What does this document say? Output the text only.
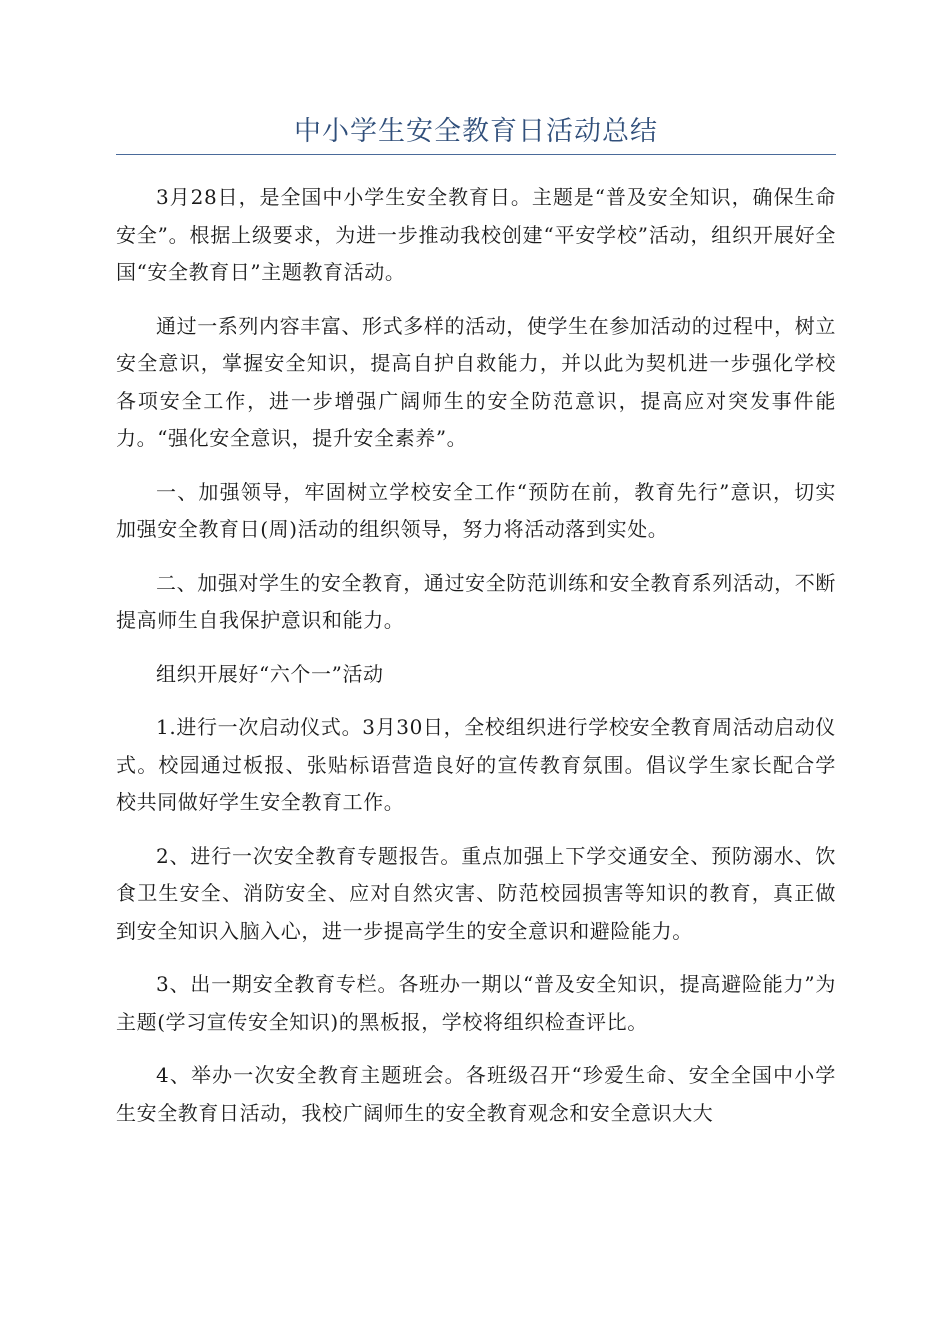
中小学生安全教育日活动总结

3月28日，是全国中小学生安全教育日。主题是“普及安全知识，确保生命安全”。根据上级要求，为进一步推动我校创建“平安学校”活动，组织开展好全国“安全教育日”主题教育活动。

通过一系列内容丰富、形式多样的活动，使学生在参加活动的过程中，树立安全意识，掌握安全知识，提高自护自救能力，并以此为契机进一步强化学校各项安全工作，进一步增强广阔师生的安全防范意识，提高应对突发事件能力。“强化安全意识，提升安全素养”。

一、加强领导，牢固树立学校安全工作“预防在前，教育先行”意识，切实加强安全教育日(周)活动的组织领导，努力将活动落到实处。

二、加强对学生的安全教育，通过安全防范训练和安全教育系列活动，不断提高师生自我保护意识和能力。

组织开展好“六个一”活动

1.进行一次启动仪式。3月30日，全校组织进行学校安全教育周活动启动仪式。校园通过板报、张贴标语营造良好的宣传教育氛围。倡议学生家长配合学校共同做好学生安全教育工作。

2、进行一次安全教育专题报告。重点加强上下学交通安全、预防溺水、饮食卫生安全、消防安全、应对自然灾害、防范校园损害等知识的教育，真正做到安全知识入脑入心，进一步提高学生的安全意识和避险能力。

3、出一期安全教育专栏。各班办一期以“普及安全知识，提高避险能力”为主题(学习宣传安全知识)的黑板报，学校将组织检查评比。

4、举办一次安全教育主题班会。各班级召开“珍爱生命、安全全国中小学生安全教育日活动，我校广阔师生的安全教育观念和安全意识大大
